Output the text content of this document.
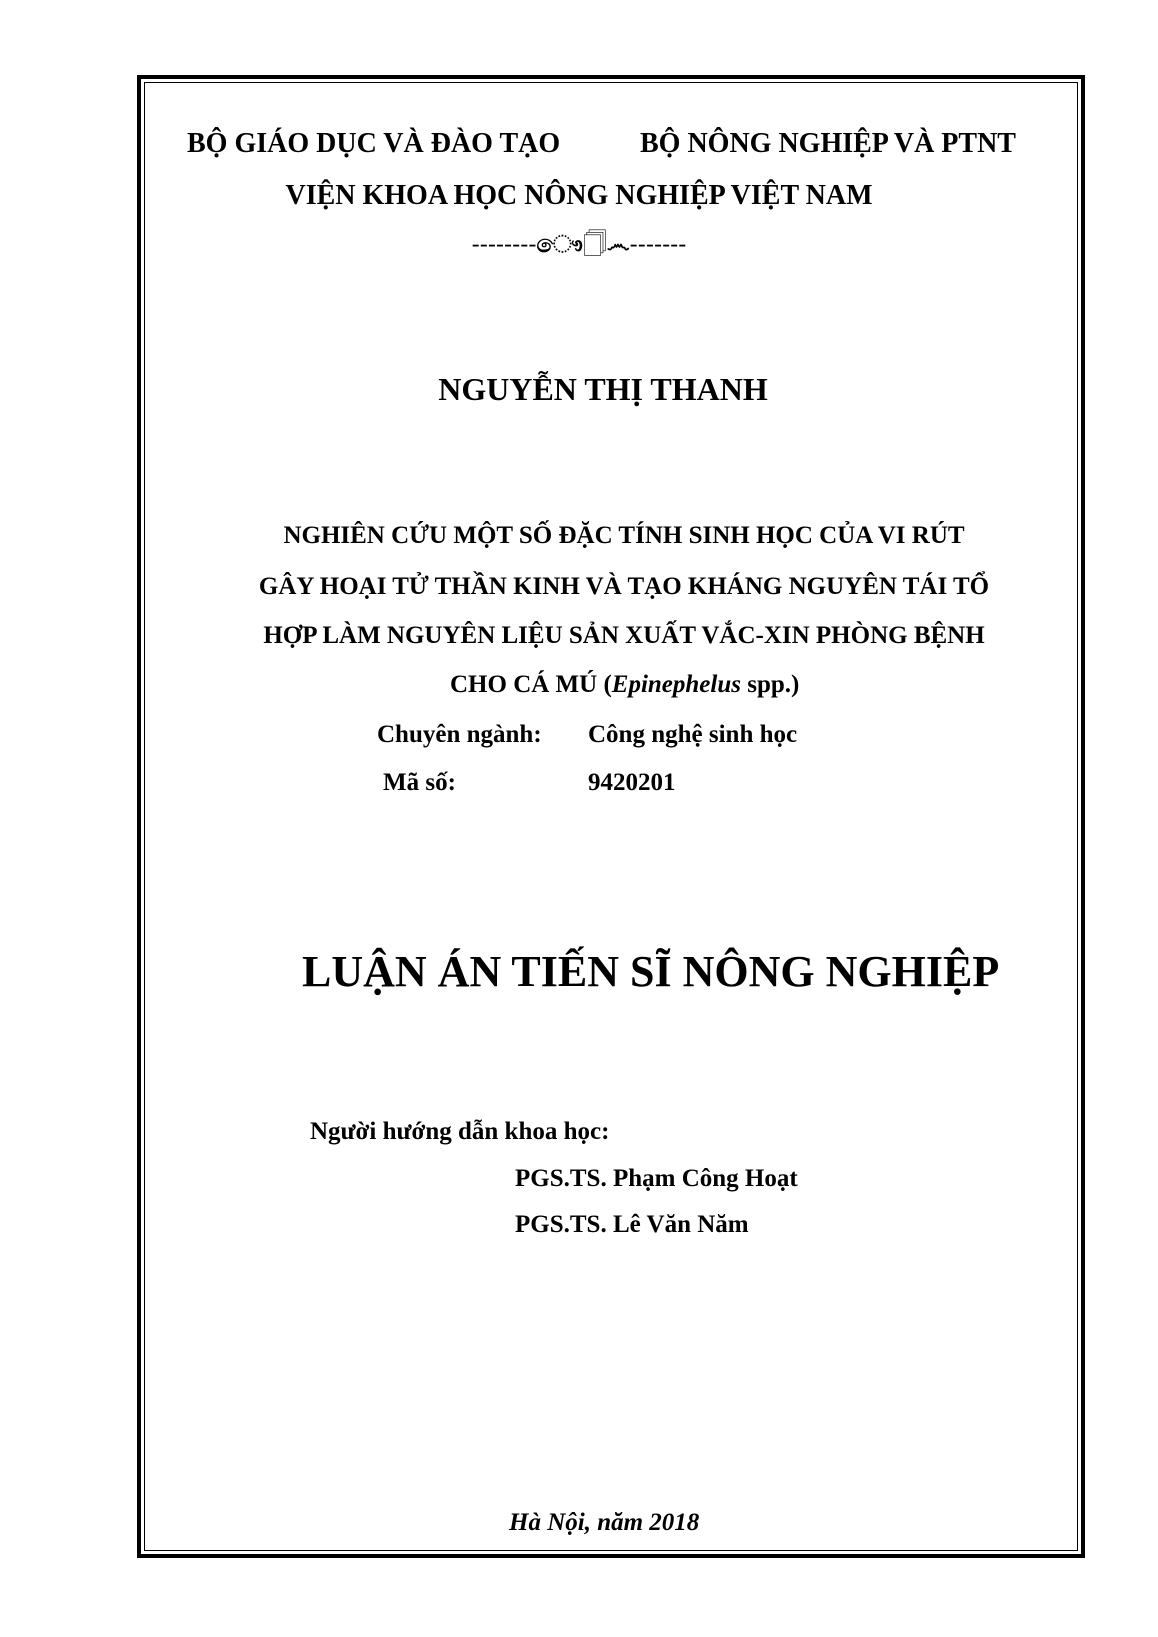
BỘ GIÁO DỤC VÀ ĐÀO TẠO	BỘ NÔNG NGHIỆP VÀ PTNT
VIỆN KHOA HỌC NÔNG NGHIỆP VIỆT NAM
--------ෞ🗍෴-------
NGUYỄN THỊ THANH
NGHIÊN CỨU MỘT SỐ ĐẶC TÍNH SINH HỌC CỦA VI RÚT
GÂY HOẠI TỬ THẦN KINH VÀ TẠO KHÁNG NGUYÊN TÁI TỔ
HỢP LÀM NGUYÊN LIỆU SẢN XUẤT VẮC-XIN PHÒNG BỆNH
CHO CÁ MÚ (Epinephelus spp.)
Chuyên ngành: Công nghệ sinh học
Mã số:	9420201
LUẬN ÁN TIẾN SĨ NÔNG NGHIỆP
Người hướng dẫn khoa học:
PGS.TS. Phạm Công Hoạt
PGS.TS. Lê Văn Năm
Hà Nội, năm 2018
